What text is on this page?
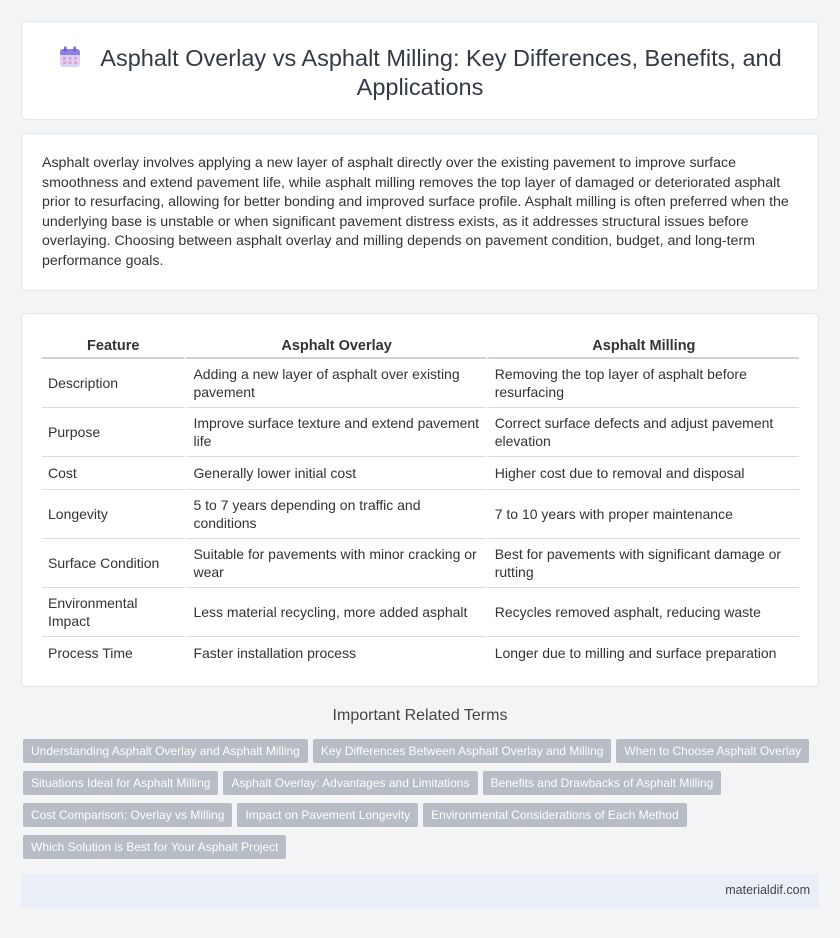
Asphalt Overlay vs Asphalt Milling: Key Differences, Benefits, and Applications

Asphalt overlay involves applying a new layer of asphalt directly over the existing pavement to improve surface smoothness and extend pavement life, while asphalt milling removes the top layer of damaged or deteriorated asphalt prior to resurfacing, allowing for better bonding and improved surface profile. Asphalt milling is often preferred when the underlying base is unstable or when significant pavement distress exists, as it addresses structural issues before overlaying. Choosing between asphalt overlay and milling depends on pavement condition, budget, and long-term performance goals.

Feature	Asphalt Overlay	Asphalt Milling
Description	Adding a new layer of asphalt over existing pavement	Removing the top layer of asphalt before resurfacing
Purpose	Improve surface texture and extend pavement life	Correct surface defects and adjust pavement elevation
Cost	Generally lower initial cost	Higher cost due to removal and disposal
Longevity	5 to 7 years depending on traffic and conditions	7 to 10 years with proper maintenance
Surface Condition	Suitable for pavements with minor cracking or wear	Best for pavements with significant damage or rutting
Environmental Impact	Less material recycling, more added asphalt	Recycles removed asphalt, reducing waste
Process Time	Faster installation process	Longer due to milling and surface preparation
Important Related Terms
Understanding Asphalt Overlay and Asphalt Milling Key Differences Between Asphalt Overlay and Milling When to Choose Asphalt OverlaySituations Ideal for Asphalt Milling Asphalt Overlay: Advantages and Limitations Benefits and Drawbacks of Asphalt MillingCost Comparison: Overlay vs Milling Impact on Pavement Longevity Environmental Considerations of Each MethodWhich Solution is Best for Your Asphalt Project
materialdif.com
